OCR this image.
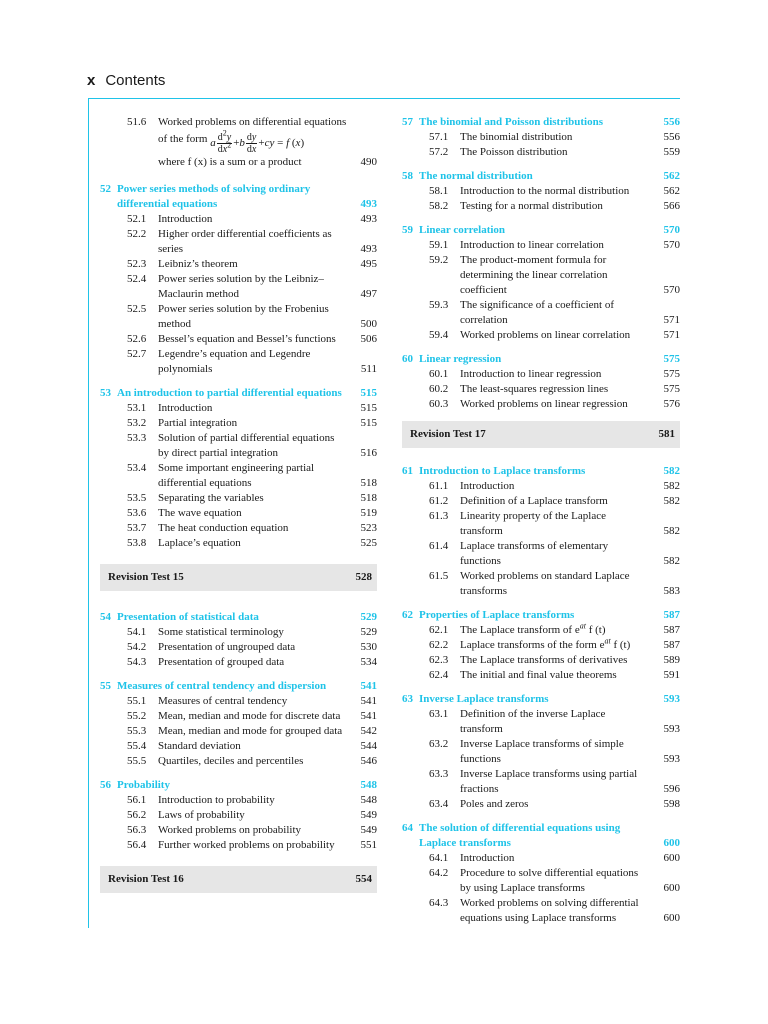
x Contents
51.6	Worked problems on differential equations
of the form
a $\frac{d^2y}{dx^2} + b \frac{dy}{dx}$ + cy = f ( x )
where f (x) is a sum or a product	490
52 Power series methods of solving ordinary differential equations	493
52.1	Introduction	493
52.2	Higher order differential coefficients as series	493
52.3	Leibniz’s theorem	495
52.4	Power series solution by the Leibniz–Maclaurin method	497
52.5	Power series solution by the Frobenius method	500
52.6	Bessel’s equation and Bessel’s functions	506
52.7	Legendre’s equation and Legendre polynomials	511
53 An introduction to partial differential equations	515
53.1	Introduction	515
53.2	Partial integration	515
53.3	Solution of partial differential equations by direct partial integration	516
53.4	Some important engineering partial differential equations	518
53.5	Separating the variables	518
53.6	The wave equation	519
53.7	The heat conduction equation	523
53.8	Laplace’s equation	525
Revision Test 15	528
54 Presentation of statistical data	529
54.1	Some statistical terminology	529
54.2	Presentation of ungrouped data	530
54.3	Presentation of grouped data	534
55 Measures of central tendency and dispersion	541
55.1	Measures of central tendency	541
55.2	Mean, median and mode for discrete data	541
55.3	Mean, median and mode for grouped data	542
55.4	Standard deviation	544
55.5	Quartiles, deciles and percentiles	546
56 Probability	548
56.1	Introduction to probability	548
56.2	Laws of probability	549
56.3	Worked problems on probability	549
56.4	Further worked problems on probability	551
Revision Test 16	554
57 The binomial and Poisson distributions	556
57.1	The binomial distribution	556
57.2	The Poisson distribution	559
58 The normal distribution	562
58.1	Introduction to the normal distribution	562
58.2	Testing for a normal distribution	566
59 Linear correlation	570
59.1	Introduction to linear correlation	570
59.2	The product-moment formula for determining the linear correlation coefficient	570
59.3	The significance of a coefficient of correlation	571
59.4	Worked problems on linear correlation	571
60 Linear regression	575
60.1	Introduction to linear regression	575
60.2	The least-squares regression lines	575
60.3	Worked problems on linear regression	576
Revision Test 17	581
61 Introduction to Laplace transforms	582
61.1	Introduction	582
61.2	Definition of a Laplace transform	582
61.3	Linearity property of the Laplace transform	582
61.4	Laplace transforms of elementary functions	582
61.5	Worked problems on standard Laplace transforms	583
62 Properties of Laplace transforms	587
62.1	The Laplace transform of $e^{at}$ f (t)	587
62.2	Laplace transforms of the form $e^{at}$ f (t)	587
62.3	The Laplace transforms of derivatives	589
62.4	The initial and final value theorems	591
63 Inverse Laplace transforms	593
63.1	Definition of the inverse Laplace transform	593
63.2	Inverse Laplace transforms of simple functions	593
63.3	Inverse Laplace transforms using partial fractions	596
63.4	Poles and zeros	598
64 The solution of differential equations using Laplace transforms	600
64.1	Introduction	600
64.2	Procedure to solve differential equations by using Laplace transforms	600
64.3	Worked problems on solving differential equations using Laplace transforms	600
